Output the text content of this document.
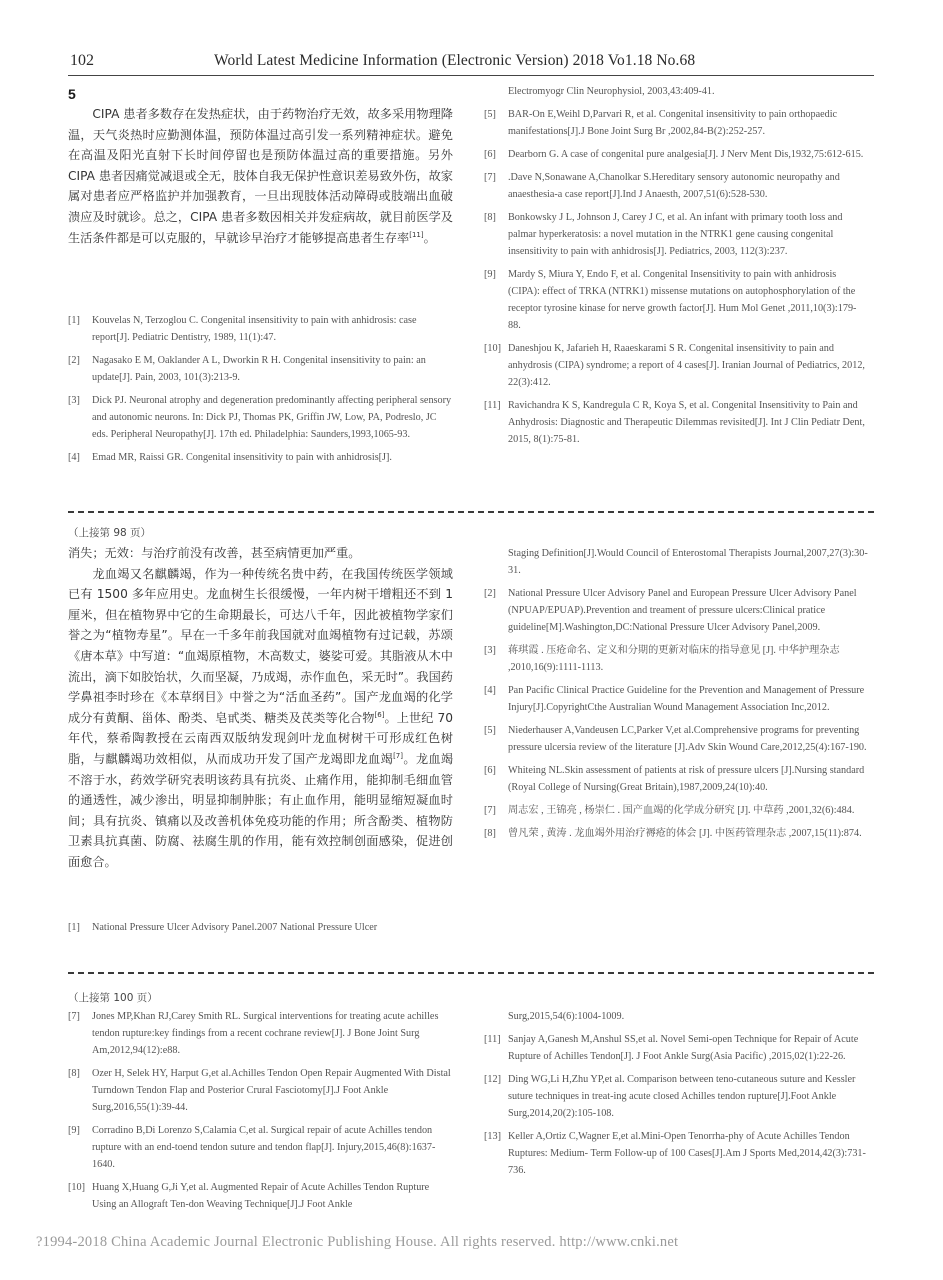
102	World Latest Medicine Information (Electronic Version) 2018 Vo1.18 No.68
5

CIPA 患者多数存在发热症状，由于药物治疗无效，故多采用物理降温，天气炎热时应勤测体温，预防体温过高引发一系列精神症状。避免在高温及阳光直射下长时间停留也是预防体温过高的重要措施。另外 CIPA 患者因痛觉减退或全无，肢体自我无保护性意识差易致外伤，故家属对患者应严格监护并加强教育，一旦出现肢体活动障碍或肢端出血破溃应及时就诊。总之，CIPA 患者多数因相关并发症病故，就目前医学及生活条件都是可以克服的，早就诊早治疗才能够提高患者生存率[11]。

[1]	Kouvelas N, Terzoglou C. Congenital insensitivity to pain with anhidrosis: case report[J]. Pediatric Dentistry, 1989, 11(1):47.
[2]	Nagasako E M, Oaklander A L, Dworkin R H. Congenital insensitivity to pain: an update[J]. Pain, 2003, 101(3):213-9.
[3]	Dick PJ. Neuronal atrophy and degeneration predominantly affecting peripheral sensory and autonomic neurons. In: Dick PJ, Thomas PK, Griffin JW, Low, PA, Podreslo, JC eds. Peripheral Neuropathy[J]. 17th ed. Philadelphia: Saunders,1993,1065-93.
[4]	Emad MR, Raissi GR. Congenital insensitivity to pain with anhidrosis[J].
Electromyogr Clin Neurophysiol, 2003,43:409-41.
[5]	BAR-On E,Weihl D,Parvari R, et al. Congenital insensitivity to pain orthopaedic manifestations[J].J Bone Joint Surg Br ,2002,84-B(2):252-257.
[6]	Dearborn G. A case of congenital pure analgesia[J]. J Nerv Ment Dis,1932,75:612-615.
[7]	.Dave N,Sonawane A,Chanolkar S.Hereditary sensory autonomic neuropathy and anaesthesia-a case report[J].Ind J Anaesth, 2007,51(6):528-530.
[8]	Bonkowsky J L, Johnson J, Carey J C, et al. An infant with primary tooth loss and palmar hyperkeratosis: a novel mutation in the NTRK1 gene causing congenital insensitivity to pain with anhidrosis[J]. Pediatrics, 2003, 112(3):237.
[9]	Mardy S, Miura Y, Endo F, et al. Congenital Insensitivity to pain with anhidrosis (CIPA): effect of TRKA (NTRK1) missense mutations on autophosphorylation of the receptor tyrosine kinase for nerve growth factor[J]. Hum Mol Genet ,2011,10(3):179-88.
[10] Daneshjou K, Jafarieh H, Raaeskarami S R. Congenital insensitivity to pain and anhydrosis (CIPA) syndrome; a report of 4 cases[J]. Iranian Journal of Pediatrics, 2012, 22(3):412.
[11] Ravichandra K S, Kandregula C R, Koya S, et al. Congenital Insensitivity to Pain and Anhydrosis: Diagnostic and Therapeutic Dilemmas revisited[J]. Int J Clin Pediatr Dent, 2015, 8(1):75-81.
（上接第 98 页）

消失；无效：与治疗前没有改善，甚至病情更加严重。

龙血竭又名麒麟竭，作为一种传统名贵中药，在我国传统医学领域已有 1500 多年应用史。龙血树生长很缓慢，一年内树干增粗还不到 1 厘米，但在植物界中它的生命期最长，可达八千年，因此被植物学家们誉之为“植物寿星”。早在一千多年前我国就对血竭植物有过记载，苏颂《唐本草》中写道：“血竭原植物，木高数丈，婆娑可爱。其脂液从木中流出，滴下如胶饴状，久而坚凝，乃成竭，赤作血色，采无时”。我国药学鼻祖李时珍在《本草纲目》中誉之为“活血圣药”。国产龙血竭的化学成分有黄酮、甾体、酚类、皂甙类、糖类及芪类等化合物[6]。上世纪 70 年代，蔡希陶教授在云南西双版纳发现剑叶龙血树树干可形成红色树脂，与麒麟竭功效相似，从而成功开发了国产龙竭即龙血竭[7]。龙血竭不溶于水，药效学研究表明该药具有抗炎、止痛作用，能抑制毛细血管的通透性，减少渗出，明显抑制肿胀；有止血作用，能明显缩短凝血时间；具有抗炎、镇痛以及改善机体免疫功能的作用；所含酚类、植物防卫素具抗真菌、防腐、祛腐生肌的作用，能有效控制创面感染，促进创面愈合。

[1]	National Pressure Ulcer Advisory Panel.2007 National Pressure Ulcer
Staging Definition[J].Would Council of Enterostomal Therapists Journal,2007,27(3):30-31.
[2]	National Pressure Ulcer Advisory Panel and European Pressure Ulcer Advisory Panel (NPUAP/EPUAP).Prevention and treament of pressure ulcers:Clinical pratice guideline[M].Washington,DC:National Pressure Ulcer Advisory Panel,2009.
[3]	蒋琪霞 . 压疮命名、定义和分期的更新对临床的指导意见 [J]. 中华护理杂志 ,2010,16(9):1111-1113.
[4]	Pan Pacific Clinical Practice Guideline for the Prevention and Management of Pressure Injury[J].CopyrightCthe Australian Wound Management Association Inc,2012.
[5]	Niederhauser A,Vandeusen LC,Parker V,et al.Comprehensive programs for preventing pressure ulcersia review of the literature [J].Adv Skin Wound Care,2012,25(4):167-190.
[6]	Whiteing NL.Skin assessment of patients at risk of pressure ulcers [J].Nursing standard (Royal College of Nursing(Great Britain),1987,2009,24(10):40.
[7]	周志宏 , 王锦亮 , 杨崇仁 . 国产血竭的化学成分研究 [J]. 中草药 ,2001,32(6):484.
[8]	曾凡荣 , 黄涛 . 龙血竭外用治疗褥疮的体会 [J]. 中医药管理杂志 ,2007,15(11):874.
（上接第 100 页）
[7]	Jones MP,Khan RJ,Carey Smith RL. Surgical interventions for treating acute achilles tendon rupture:key findings from a recent cochrane review[J]. J Bone Joint Surg Am,2012,94(12):e88.
[8]	Ozer H, Selek HY, Harput G,et al.Achilles Tendon Open Repair Augmented With Distal Turndown Tendon Flap and Posterior Crural Fasciotomy[J].J Foot Ankle Surg,2016,55(1):39-44.
[9]	Corradino B,Di Lorenzo S,Calamia C,et al. Surgical repair of acute Achilles tendon rupture with an end-toend tendon suture and tendon flap[J]. Injury,2015,46(8):1637-1640.
[10] Huang X,Huang G,Ji Y,et al. Augmented Repair of Acute Achilles Tendon Rupture Using an Allograft Ten-don Weaving Technique[J].J Foot Ankle
Surg,2015,54(6):1004-1009.
[11] Sanjay A,Ganesh M,Anshul SS,et al. Novel Semi-open Technique for Repair of Acute Rupture of Achilles Tendon[J]. J Foot Ankle Surg(Asia Pacific) ,2015,02(1):22-26.
[12] Ding WG,Li H,Zhu YP,et al. Comparison between teno-cutaneous suture and Kessler suture techniques in treat-ing acute closed Achilles tendon rupture[J].Foot Ankle Surg,2014,20(2):105-108.
[13] Keller A,Ortiz C,Wagner E,et al.Mini-Open Tenorrha-phy of Acute Achilles Tendon Ruptures: Medium- Term Follow-up of 100 Cases[J].Am J Sports Med,2014,42(3):731-736.
?1994-2018 China Academic Journal Electronic Publishing House. All rights reserved. http://www.cnki.net
